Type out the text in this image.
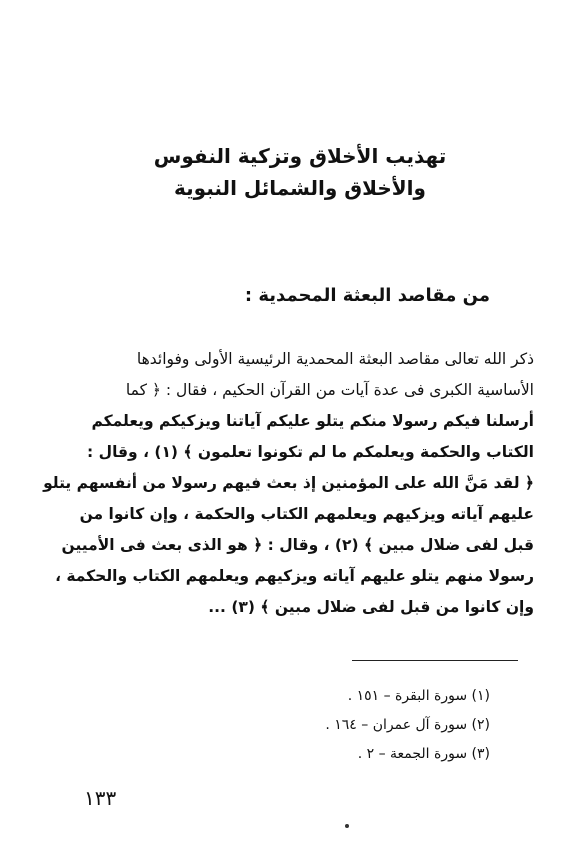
تهذيب الأخلاق وتزكية النفوس
والأخلاق والشمائل النبوية
من مقاصد البعثة المحمدية :
ذكر الله تعالى مقاصد البعثة المحمدية الرئيسية الأولى وفوائدها
الأساسية الكبرى فى عدة آيات من القرآن الحكيم ، فقال : ﴿ كما
أرسلنا فيكم رسولا منكم يتلو عليكم آياتنا ويزكيكم ويعلمكم
الكتاب والحكمة ويعلمكم ما لم تكونوا تعلمون ﴾ (١) ، وقال :
﴿ لقد مَنَّ الله على المؤمنين إذ بعث فيهم رسولا من أنفسهم يتلو
عليهم آياته ويزكيهم ويعلمهم الكتاب والحكمة ، وإن كانوا من
قبل لفى ضلال مبين ﴾ (٢) ، وقال : ﴿ هو الذى بعث فى الأميين
رسولا منهم يتلو عليهم آياته ويزكيهم ويعلمهم الكتاب والحكمة ،
وإن كانوا من قبل لفى ضلال مبين ﴾ (٣) ...
(١) سورة البقرة – ١٥١ .
(٢) سورة آل عمران – ١٦٤ .
(٣) سورة الجمعة – ٢ .
١٣٣
